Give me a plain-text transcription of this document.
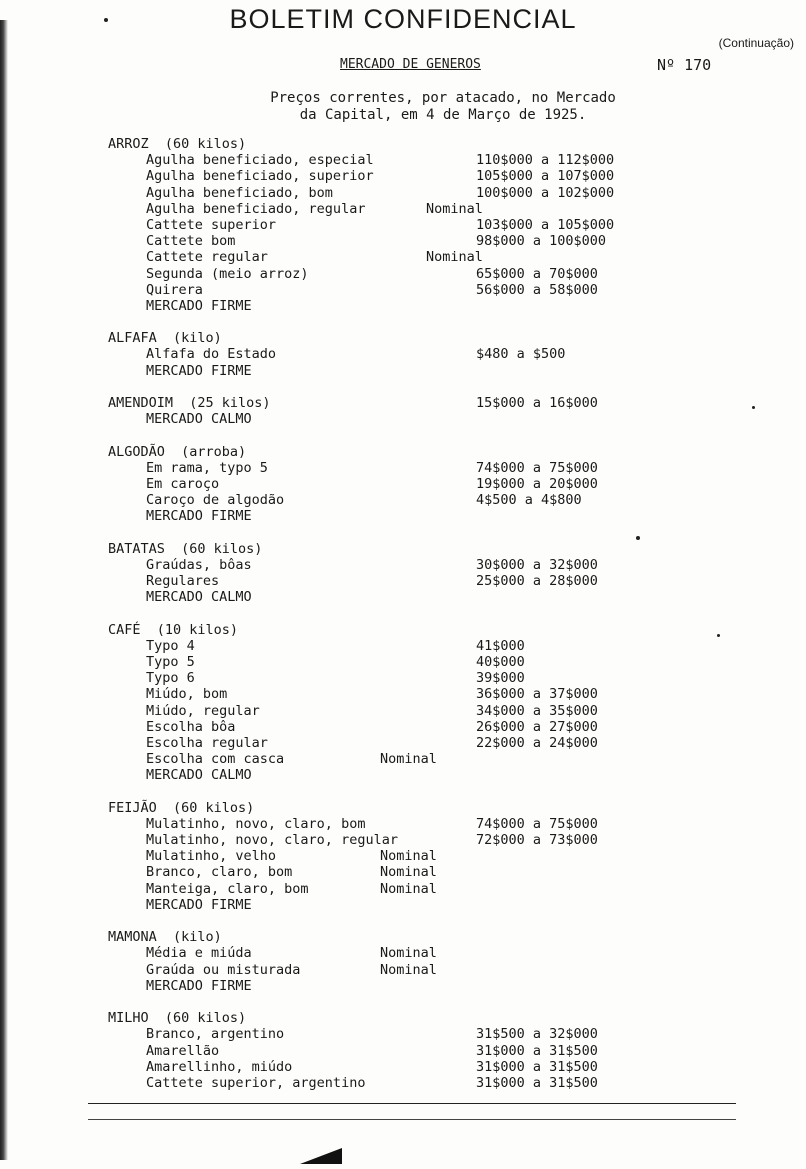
BOLETIM CONFIDENCIAL
(Continuação)
MERCADO DE GENEROS	Nº 170
Preços correntes, por atacado, no Mercado
da Capital, em 4 de Março de 1925.
ARROZ  (60 kilos)
Agulha beneficiado, especial	110$000 a 112$000
Agulha beneficiado, superior	105$000 a 107$000
Agulha beneficiado, bom	100$000 a 102$000
Agulha beneficiado, regular	Nominal
Cattete superior	103$000 a 105$000
Cattete bom	98$000 a 100$000
Cattete regular	Nominal
Segunda (meio arroz)	65$000 a 70$000
Quirera	56$000 a 58$000
MERCADO FIRME
ALFAFA  (kilo)
Alfafa do Estado	$480 a $500
MERCADO FIRME
AMENDOIM  (25 kilos)	15$000 a 16$000
MERCADO CALMO
ALGODÃO  (arroba)
Em rama, typo 5	74$000 a 75$000
Em caroço	19$000 a 20$000
Caroço de algodão	4$500 a 4$800
MERCADO FIRME
BATATAS  (60 kilos)
Graúdas, bôas	30$000 a 32$000
Regulares	25$000 a 28$000
MERCADO CALMO
CAFÉ  (10 kilos)
Typo 4	41$000
Typo 5	40$000
Typo 6	39$000
Miúdo, bom	36$000 a 37$000
Miúdo, regular	34$000 a 35$000
Escolha bôa	26$000 a 27$000
Escolha regular	22$000 a 24$000
Escolha com casca	Nominal
MERCADO CALMO
FEIJÃO  (60 kilos)
Mulatinho, novo, claro, bom	74$000 a 75$000
Mulatinho, novo, claro, regular	72$000 a 73$000
Mulatinho, velho	Nominal
Branco, claro, bom	Nominal
Manteiga, claro, bom	Nominal
MERCADO FIRME
MAMONA  (kilo)
Média e miúda	Nominal
Graúda ou misturada	Nominal
MERCADO FIRME
MILHO  (60 kilos)
Branco, argentino	31$500 a 32$000
Amarellão	31$000 a 31$500
Amarellinho, miúdo	31$000 a 31$500
Cattete superior, argentino	31$000 a 31$500
